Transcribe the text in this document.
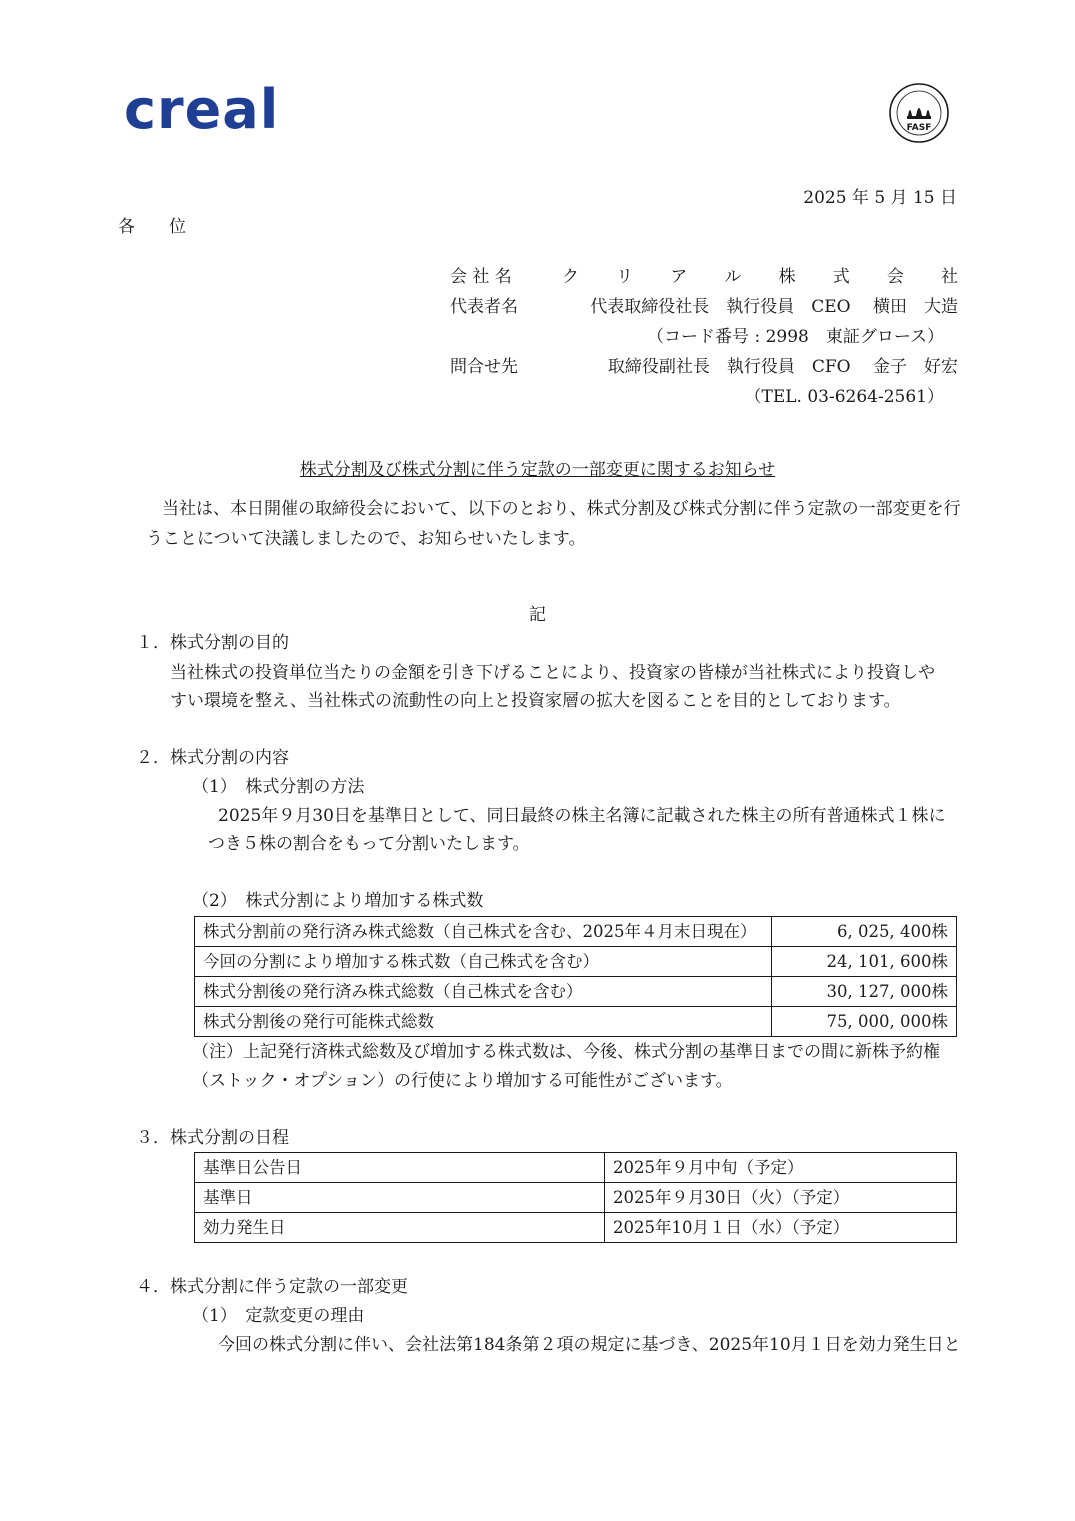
creal	FASF
2025 年 5 月 15 日
各　　位
会 社 名	ク リ ア ル 株 式 会 社
代表者名	代表取締役社長　執行役員　CEO　 横田　大造
（コード番号 : 2998　東証グロース）
問合せ先	取締役副社長　執行役員　CFO　 金子　好宏
（TEL. 03-6264-2561）
株式分割及び株式分割に伴う定款の一部変更に関するお知らせ
当社は、本日開催の取締役会において、以下のとおり、株式分割及び株式分割に伴う定款の一部変更を行
うことについて決議しましたので、お知らせいたします。
記
１．株式分割の目的
当社株式の投資単位当たりの金額を引き下げることにより、投資家の皆様が当社株式により投資しや
すい環境を整え、当社株式の流動性の向上と投資家層の拡大を図ることを目的としております。
２．株式分割の内容
（1）　株式分割の方法
2025年９月30日を基準日として、同日最終の株主名簿に記載された株主の所有普通株式１株に
つき５株の割合をもって分割いたします。
（2）　株式分割により増加する株式数
株式分割前の発行済み株式総数（自己株式を含む、2025年４月末日現在）	6, 025, 400株
今回の分割により増加する株式数（自己株式を含む）	24, 101, 600株
株式分割後の発行済み株式総数（自己株式を含む）	30, 127, 000株
株式分割後の発行可能株式総数	75, 000, 000株
（注）上記発行済株式総数及び増加する株式数は、今後、株式分割の基準日までの間に新株予約権
（ストック・オプション）の行使により増加する可能性がございます。
３．株式分割の日程
基準日公告日	2025年９月中旬（予定）
基準日	2025年９月30日（火）（予定）
効力発生日	2025年10月１日（水）（予定）
４．株式分割に伴う定款の一部変更
（1）　定款変更の理由
今回の株式分割に伴い、会社法第184条第２項の規定に基づき、2025年10月１日を効力発生日と
